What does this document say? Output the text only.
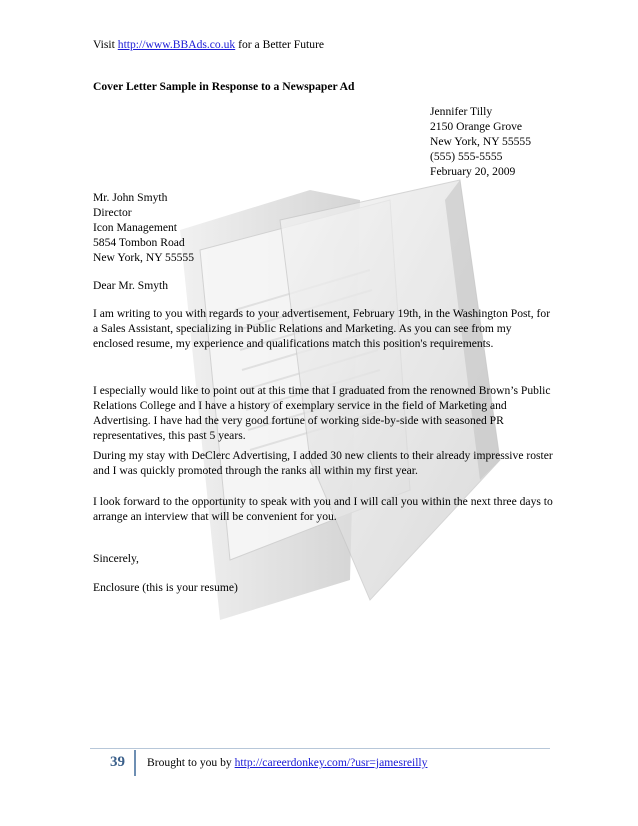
Visit http://www.BBAds.co.uk for a Better Future
Cover Letter Sample in Response to a Newspaper Ad
Jennifer Tilly
2150 Orange Grove
New York, NY 55555
(555) 555-5555
February 20, 2009
Mr. John Smyth
Director
Icon Management
5854 Tombon Road
New York, NY 55555
Dear Mr. Smyth

I am writing to you with regards to your advertisement, February 19th, in the Washington Post, for a Sales Assistant, specializing in Public Relations and Marketing. As you can see from my enclosed resume, my experience and qualifications match this position's requirements.

I especially would like to point out at this time that I graduated from the renowned Brown’s Public Relations College and I have a history of exemplary service in the field of Marketing and Advertising. I have had the very good fortune of working side-by-side with seasoned PR representatives, this past 5 years.

During my stay with DeClerc Advertising, I added 30 new clients to their already impressive roster and I was quickly promoted through the ranks all within my first year.

I look forward to the opportunity to speak with you and I will call you within the next three days to arrange an interview that will be convenient for you.

Sincerely,
Enclosure (this is your resume)
39 Brought to you by http://careerdonkey.com/?usr=jamesreilly
